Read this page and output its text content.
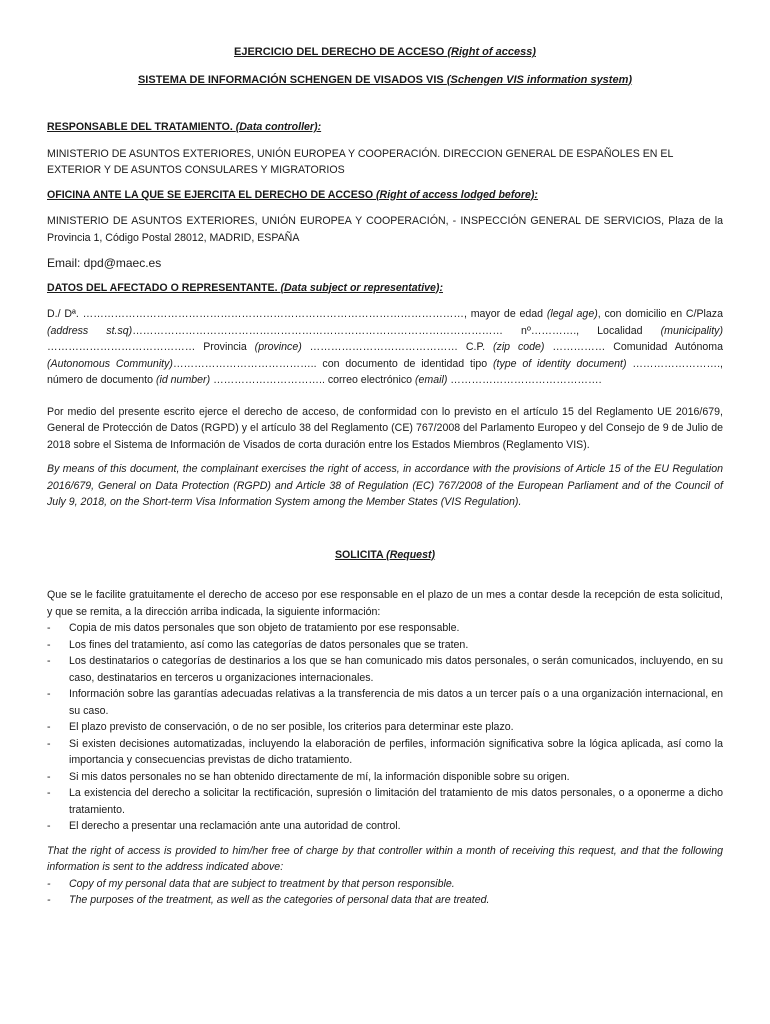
EJERCICIO DEL DERECHO DE ACCESO (Right of access)

SISTEMA DE INFORMACIÓN SCHENGEN DE VISADOS VIS (Schengen VIS information system)

RESPONSABLE DEL TRATAMIENTO. (Data controller):

MINISTERIO DE ASUNTOS EXTERIORES, UNIÓN EUROPEA Y COOPERACIÓN. DIRECCION GENERAL DE ESPAÑOLES EN EL EXTERIOR Y DE ASUNTOS CONSULARES Y MIGRATORIOS

OFICINA ANTE LA QUE SE EJERCITA EL DERECHO DE ACCESO (Right of access lodged before):

MINISTERIO DE ASUNTOS EXTERIORES, UNIÓN EUROPEA Y COOPERACIÓN, - INSPECCIÓN GENERAL DE SERVICIOS, Plaza de la Provincia 1, Código Postal 28012, MADRID, ESPAÑA

Email: dpd@maec.es

DATOS DEL AFECTADO O REPRESENTANTE. (Data subject or representative):

D./ Dª. ………………………………………………………………………………………………, mayor de edad (legal age), con domicilio en C/Plaza (address st.sq)…………………………………………………………………………………………… nº…………., Localidad (municipality) …………………………………… Provincia (province) …………………………………… C.P. (zip code) …………… Comunidad Autónoma (Autonomous Community)………………………………….. con documento de identidad tipo (type of identity document) ……………………., número de documento (id number) ………………………….. correo electrónico (email) …………………………………….

Por medio del presente escrito ejerce el derecho de acceso, de conformidad con lo previsto en el artículo 15 del Reglamento UE 2016/679, General de Protección de Datos (RGPD) y el artículo 38 del Reglamento (CE) 767/2008 del Parlamento Europeo y del Consejo de 9 de Julio de 2018 sobre el Sistema de Información de Visados de corta duración entre los Estados Miembros (Reglamento VIS).

By means of this document, the complainant exercises the right of access, in accordance with the provisions of Article 15 of the EU Regulation 2016/679, General on Data Protection (RGPD) and Article 38 of Regulation (EC) 767/2008 of the European Parliament and of the Council of July 9, 2018, on the Short-term Visa Information System among the Member States (VIS Regulation).

SOLICITA (Request)

Que se le facilite gratuitamente el derecho de acceso por ese responsable en el plazo de un mes a contar desde la recepción de esta solicitud, y que se remita, a la dirección arriba indicada, la siguiente información:

- Copia de mis datos personales que son objeto de tratamiento por ese responsable.
- Los fines del tratamiento, así como las categorías de datos personales que se traten.
- Los destinatarios o categorías de destinarios a los que se han comunicado mis datos personales, o serán comunicados, incluyendo, en su caso, destinatarios en terceros u organizaciones internacionales.
- Información sobre las garantías adecuadas relativas a la transferencia de mis datos a un tercer país o a una organización internacional, en su caso.
- El plazo previsto de conservación, o de no ser posible, los criterios para determinar este plazo.
- Si existen decisiones automatizadas, incluyendo la elaboración de perfiles, información significativa sobre la lógica aplicada, así como la importancia y consecuencias previstas de dicho tratamiento.
- Si mis datos personales no se han obtenido directamente de mí, la información disponible sobre su origen.
- La existencia del derecho a solicitar la rectificación, supresión o limitación del tratamiento de mis datos personales, o a oponerme a dicho tratamiento.
- El derecho a presentar una reclamación ante una autoridad de control.

That the right of access is provided to him/her free of charge by that controller within a month of receiving this request, and that the following information is sent to the address indicated above:

- Copy of my personal data that are subject to treatment by that person responsible.
- The purposes of the treatment, as well as the categories of personal data that are treated.
